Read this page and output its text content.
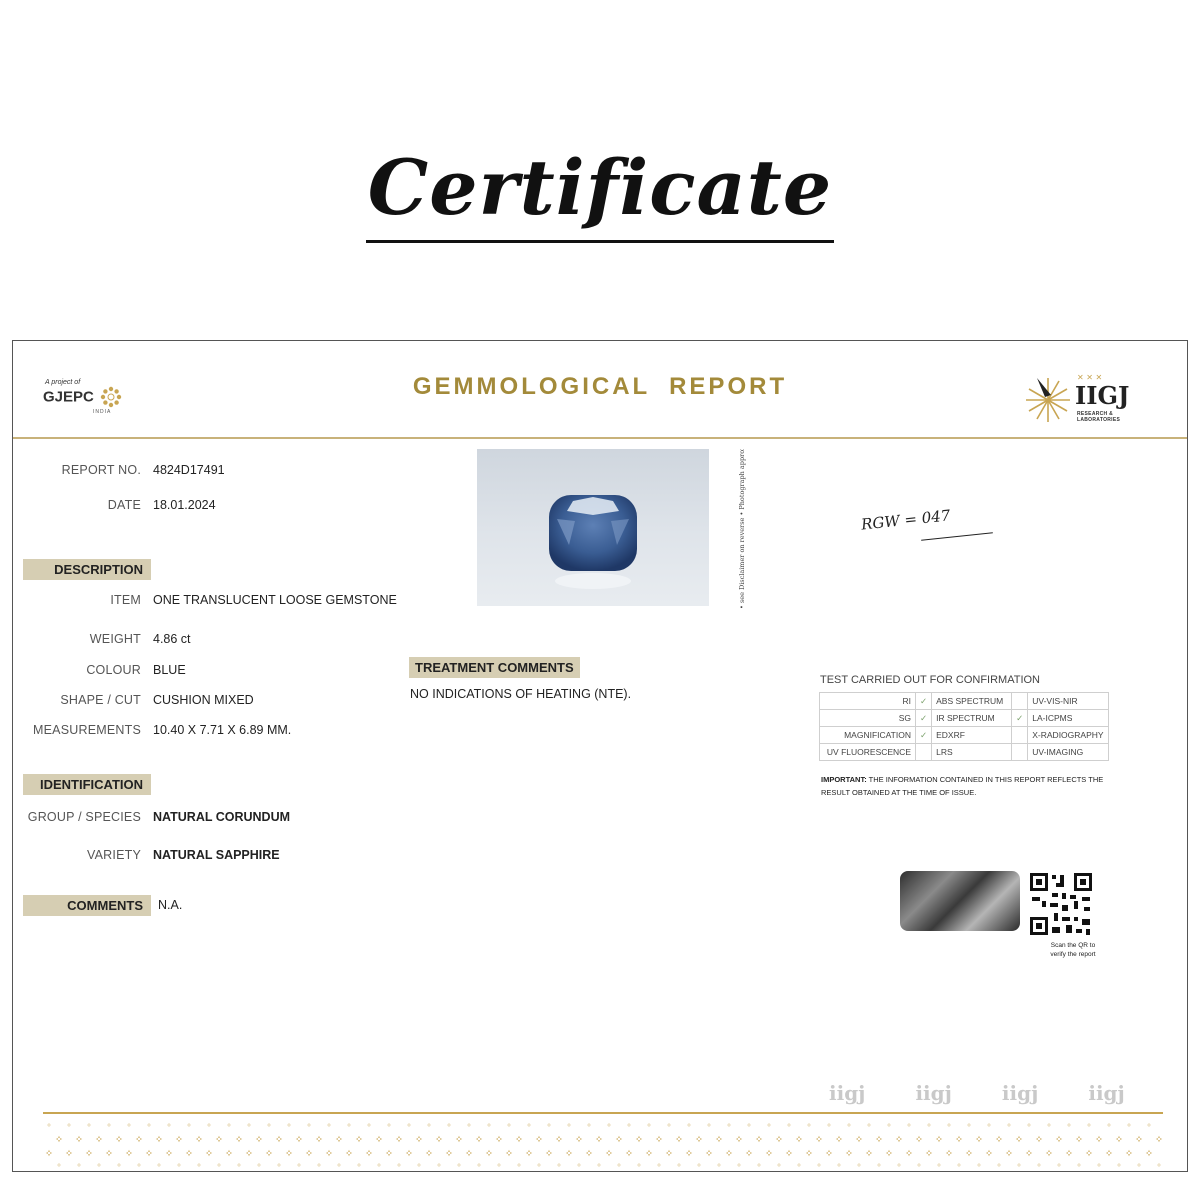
Certificate
A project of
GJEPC
INDIA
GEMMOLOGICAL  REPORT	✕ ✕ ✕
IIGJ
RESEARCH & LABORATORIES
REPORT NO. 4824D17491
DATE 18.01.2024
DESCRIPTION
ITEM ONE TRANSLUCENT LOOSE GEMSTONE
WEIGHT 4.86 ct
COLOUR BLUE
SHAPE / CUT CUSHION MIXED
MEASUREMENTS 10.40 X 7.71 X 6.89 MM.
IDENTIFICATION
GROUP / SPECIES NATURAL CORUNDUM
VARIETY NATURAL SAPPHIRE
COMMENTS	N.A.
• see Disclaimer on reverse • Photograph approx.	RGW = 047
TREATMENT COMMENTS
NO INDICATIONS OF HEATING (NTE).
TEST CARRIED OUT FOR CONFIRMATION
RI	✓	ABS SPECTRUM		UV-VIS-NIR
SG	✓	IR SPECTRUM	✓	LA-ICPMS
MAGNIFICATION	✓	EDXRF		X-RADIOGRAPHY
UV FLUORESCENCE		LRS		UV-IMAGING
IMPORTANT: THE INFORMATION CONTAINED IN THIS REPORT REFLECTS THE RESULT OBTAINED AT THE TIME OF ISSUE.
Scan the QR to verify the report
iigj	iigj	iigj	iigj
